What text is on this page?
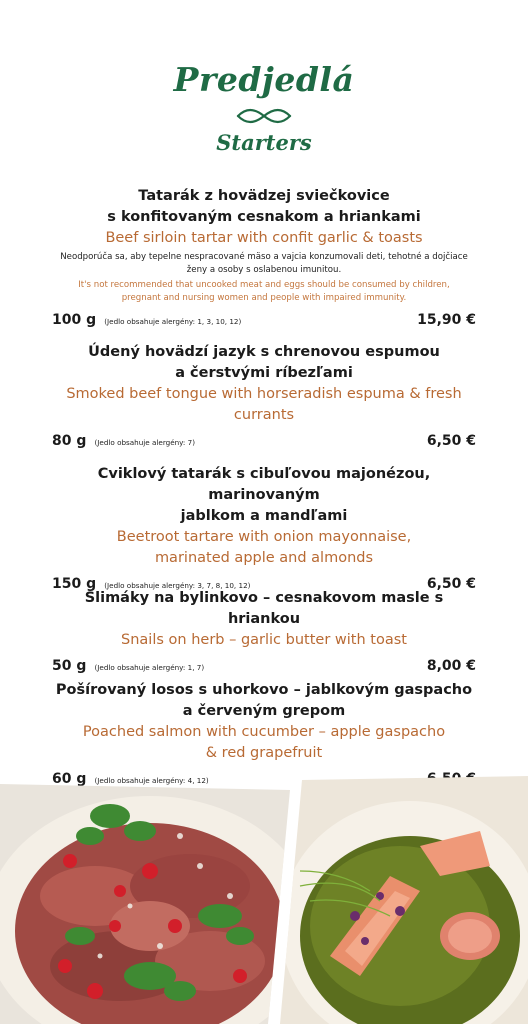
Predjedlá
Starters
Tatarák z hovädzej sviečkovice
s konfitovaným cesnakom a hriankami
Beef sirloin tartar with confit garlic & toasts
Neodporúča sa, aby tepelne nespracované mäso a vajcia konzumovali deti, tehotné a dojčiace
ženy a osoby s oslabenou imunitou.
It's not recommended that uncooked meat and eggs should be consumed by children,
pregnant and nursing women and people with impaired immunity.
100 g (Jedlo obsahuje alergény: 1, 3, 10, 12)	15,90 €
Údený hovädzí jazyk s chrenovou espumou
a čerstvými ríbezľami
Smoked beef tongue with horseradish espuma & fresh currants
80 g (Jedlo obsahuje alergény: 7)	6,50 €
Cviklový tatarák s cibuľovou majonézou, marinovaným
jablkom a mandľami
Beetroot tartare with onion mayonnaise,
marinated apple and almonds
150 g (Jedlo obsahuje alergény: 3, 7, 8, 10, 12)	6,50 €
Slimáky na bylinkovo – cesnakovom masle s hriankou
Snails on herb – garlic butter with toast
50 g (Jedlo obsahuje alergény: 1, 7)	8,00 €
Pošírovaný losos s uhorkovo – jablkovým gaspacho
a červeným grepom
Poached salmon with cucumber – apple gaspacho
& red grapefruit
60 g (Jedlo obsahuje alergény: 4, 12)
